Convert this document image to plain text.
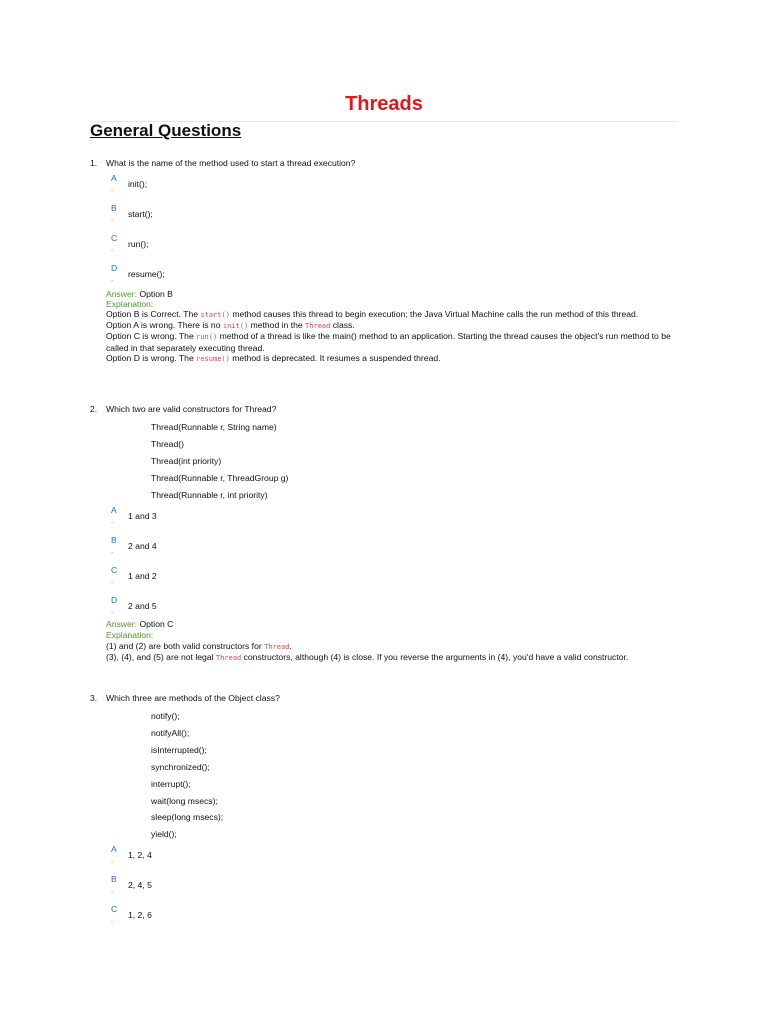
Threads
General Questions
1. What is the name of the method used to start a thread execution?
A
-
init();
B
-
start();
C
-
run();
D
-
resume();
Answer: Option B
Explanation:
Option B is Correct. The start() method causes this thread to begin execution; the Java Virtual Machine calls the run method of this thread.
Option A is wrong. There is no init() method in the Thread class.
Option C is wrong. The run() method of a thread is like the main() method to an application. Starting the thread causes the object's run method to be called in that separately executing thread.
Option D is wrong. The resume() method is deprecated. It resumes a suspended thread.
2. Which two are valid constructors for Thread?
Thread(Runnable r, String name)
Thread()
Thread(int priority)
Thread(Runnable r, ThreadGroup g)
Thread(Runnable r, int priority)
A
-
1 and 3
B
-
2 and 4
C
-
1 and 2
D
-
2 and 5
Answer: Option C
Explanation:
(1) and (2) are both valid constructors for Thread.
(3), (4), and (5) are not legal Thread constructors, although (4) is close. If you reverse the arguments in (4), you'd have a valid constructor.
3. Which three are methods of the Object class?
notify();
notifyAll();
isInterrupted();
synchronized();
interrupt();
wait(long msecs);
sleep(long msecs);
yield();
A
-
1, 2, 4
B
-
2, 4, 5
C
-
1, 2, 6
